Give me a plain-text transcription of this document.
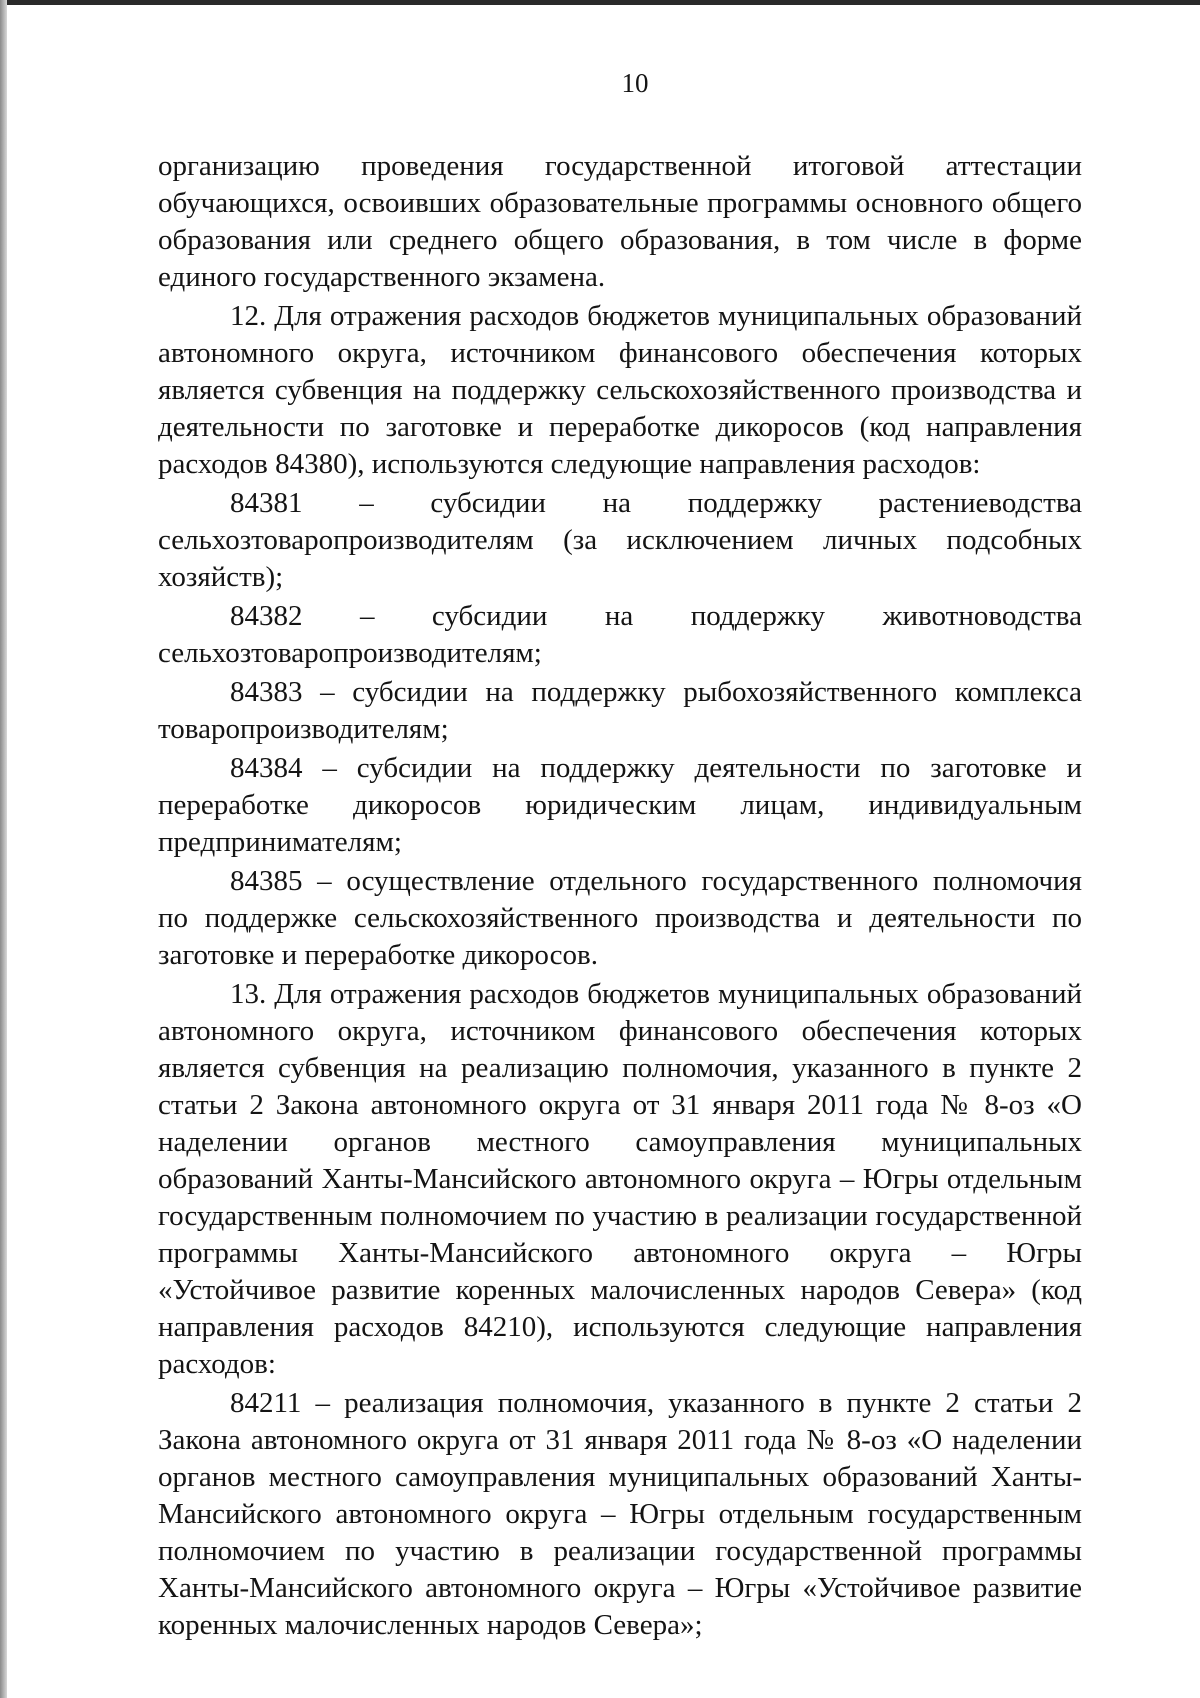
10

организацию проведения государственной итоговой аттестации обучающихся, освоивших образовательные программы основного общего образования или среднего общего образования, в том числе в форме единого государственного экзамена.

12. Для отражения расходов бюджетов муниципальных образований автономного округа, источником финансового обеспечения которых является субвенция на поддержку сельскохозяйственного производства и деятельности по заготовке и переработке дикоросов (код направления расходов 84380), используются следующие направления расходов:

84381 – субсидии на поддержку растениеводства сельхозтоваропроизводителям (за исключением личных подсобных хозяйств);

84382 – субсидии на поддержку животноводства сельхозтоваропроизводителям;

84383 – субсидии на поддержку рыбохозяйственного комплекса товаропроизводителям;

84384 – субсидии на поддержку деятельности по заготовке и переработке дикоросов юридическим лицам, индивидуальным предпринимателям;

84385 – осуществление отдельного государственного полномочия по поддержке сельскохозяйственного производства и деятельности по заготовке и переработке дикоросов.

13. Для отражения расходов бюджетов муниципальных образований автономного округа, источником финансового обеспечения которых является субвенция на реализацию полномочия, указанного в пункте 2 статьи 2 Закона автономного округа от 31 января 2011 года № 8-оз «О наделении органов местного самоуправления муниципальных образований Ханты-Мансийского автономного округа – Югры отдельным государственным полномочием по участию в реализации государственной программы Ханты-Мансийского автономного округа – Югры «Устойчивое развитие коренных малочисленных народов Севера» (код направления расходов 84210), используются следующие направления расходов:

84211 – реализация полномочия, указанного в пункте 2 статьи 2 Закона автономного округа от 31 января 2011 года № 8-оз «О наделении органов местного самоуправления муниципальных образований Ханты-Мансийского автономного округа – Югры отдельным государственным полномочием по участию в реализации государственной программы Ханты-Мансийского автономного округа – Югры «Устойчивое развитие коренных малочисленных народов Севера»;
